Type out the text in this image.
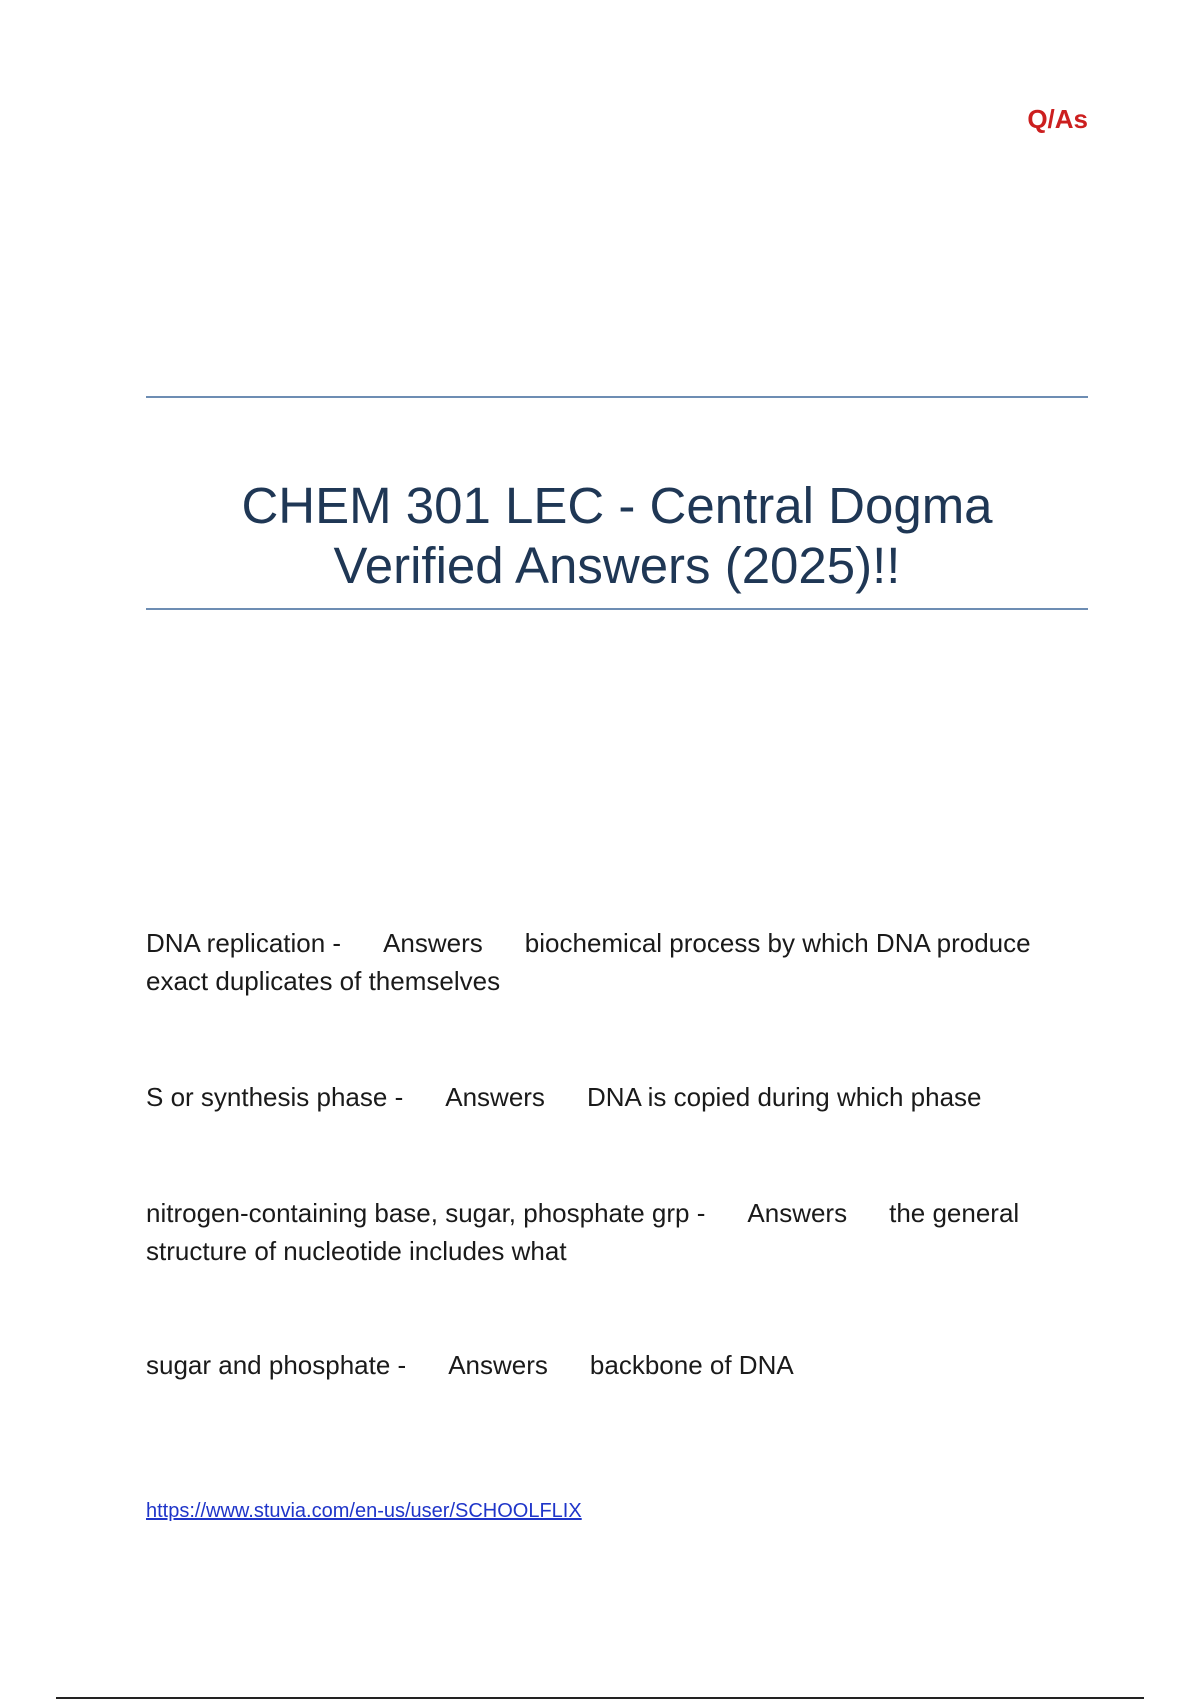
Q/As
CHEM 301 LEC - Central Dogma
Verified Answers (2025)!!
DNA replication - Answers biochemical process by which DNA produce exact duplicates of themselves
S or synthesis phase - Answers DNA is copied during which phase
nitrogen-containing base, sugar, phosphate grp - Answers the general structure of nucleotide includes what
sugar and phosphate - Answers backbone of DNA
https://www.stuvia.com/en-us/user/SCHOOLFLIX
